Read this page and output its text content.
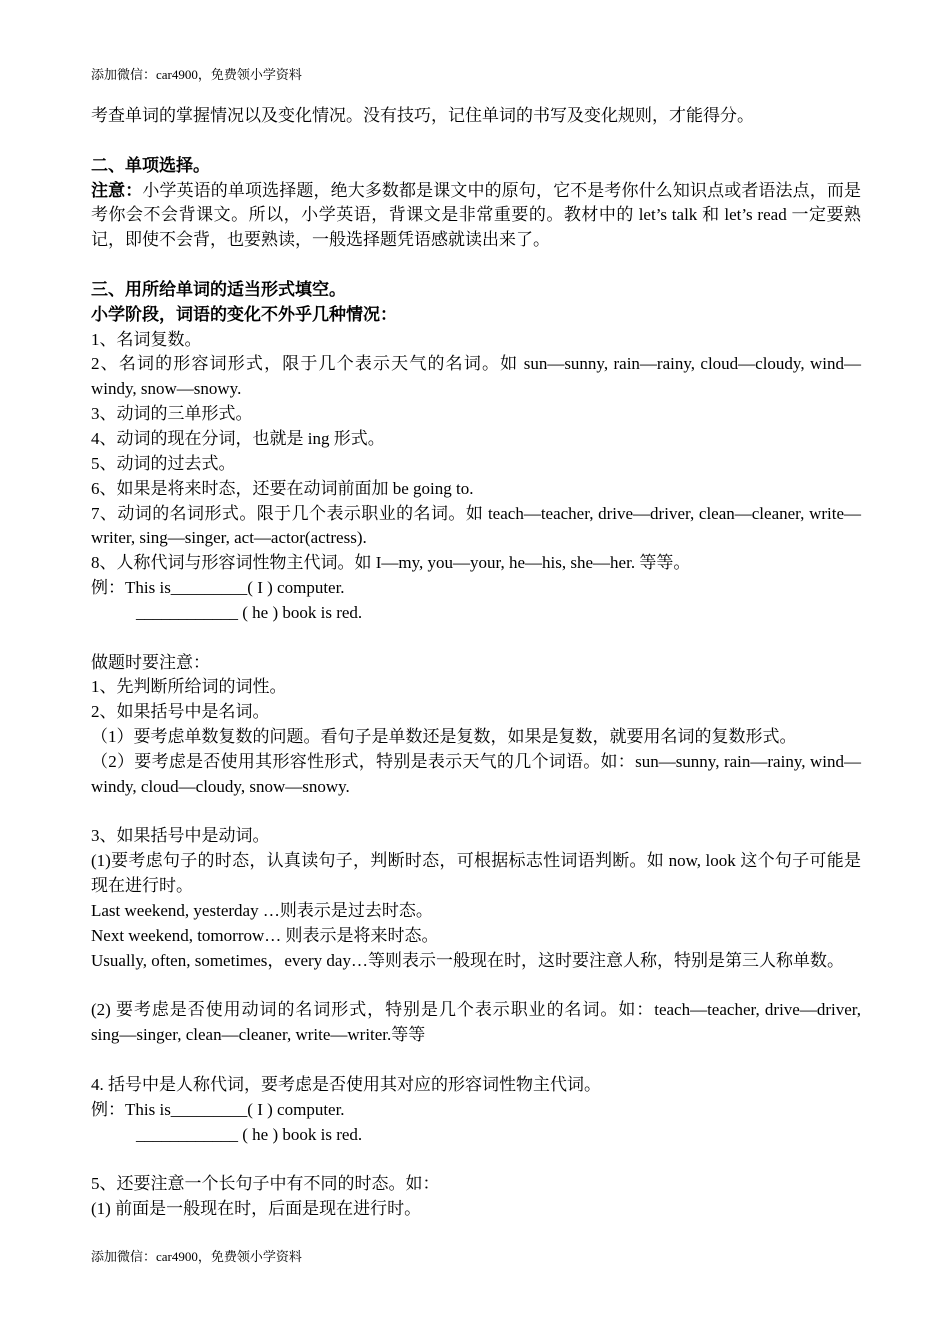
添加微信：car4900，免费领小学资料
考查单词的掌握情况以及变化情况。没有技巧，记住单词的书写及变化规则，才能得分。
二、单项选择。
注意：小学英语的单项选择题，绝大多数都是课文中的原句，它不是考你什么知识点或者语法点，而是考你会不会背课文。所以，小学英语，背课文是非常重要的。教材中的 let’s talk 和 let’s read 一定要熟记，即使不会背，也要熟读，一般选择题凭语感就读出来了。
三、用所给单词的适当形式填空。
小学阶段，词语的变化不外乎几种情况：
1、名词复数。
2、名词的形容词形式，限于几个表示天气的名词。如 sun—sunny, rain—rainy, cloud—cloudy, wind—windy, snow—snowy.
3、动词的三单形式。
4、动词的现在分词，也就是 ing 形式。
5、动词的过去式。
6、如果是将来时态，还要在动词前面加 be going to.
7、动词的名词形式。限于几个表示职业的名词。如 teach—teacher, drive—driver, clean—cleaner, write—writer, sing—singer, act—actor(actress).
8、人称代词与形容词性物主代词。如 I—my, you—your, he—his, she—her. 等等。
例：This is_________( I ) computer.
____________ ( he ) book is red.
做题时要注意：
1、先判断所给词的词性。
2、如果括号中是名词。
（1）要考虑单数复数的问题。看句子是单数还是复数，如果是复数，就要用名词的复数形式。
（2）要考虑是否使用其形容性形式，特别是表示天气的几个词语。如：sun—sunny, rain—rainy, wind—windy, cloud—cloudy, snow—snowy.
3、如果括号中是动词。
(1)要考虑句子的时态，认真读句子，判断时态，可根据标志性词语判断。如 now, look 这个句子可能是现在进行时。
Last weekend, yesterday …则表示是过去时态。
Next weekend, tomorrow… 则表示是将来时态。
Usually, often, sometimes，every day…等则表示一般现在时，这时要注意人称，特别是第三人称单数。
(2) 要考虑是否使用动词的名词形式，特别是几个表示职业的名词。如：teach—teacher, drive—driver, sing—singer, clean—cleaner, write—writer.等等
4. 括号中是人称代词，要考虑是否使用其对应的形容词性物主代词。
例：This is_________( I ) computer.
____________ ( he ) book is red.
5、还要注意一个长句子中有不同的时态。如：
(1) 前面是一般现在时，后面是现在进行时。
添加微信：car4900，免费领小学资料
